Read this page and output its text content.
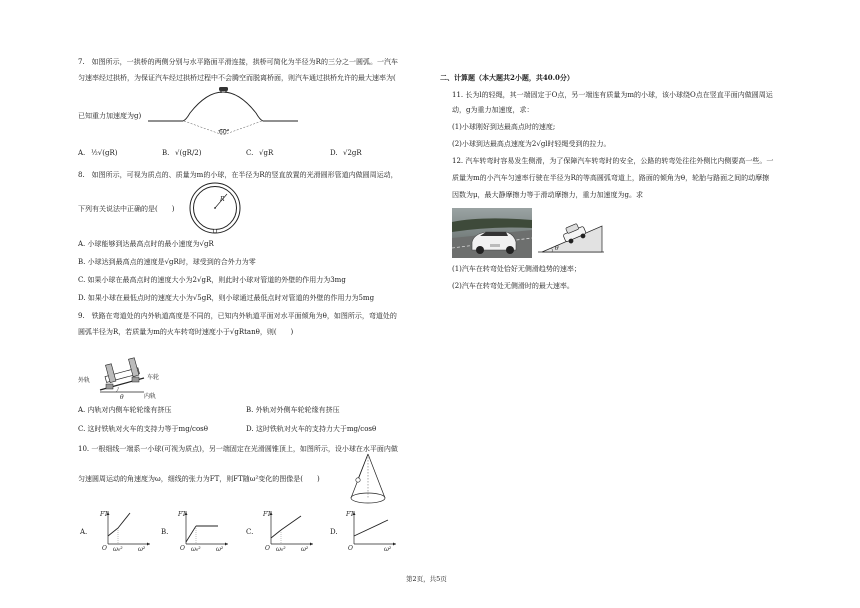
7.　如图所示，一拱桥的两侧分别与水平路面平滑连接，拱桥可简化为半径为R的三分之一圆弧。一汽车
匀速率经过拱桥，为保证汽车经过拱桥过程中不会腾空而脱离桥面，则汽车通过拱桥允许的最大速率为(
60°
已知重力加速度为g)
A. ½√(gR)	B. √(gR/2)	C. √gR	D. √2gR
8.　如图所示，可视为质点的、质量为m的小球，在半径为R的竖直放置的光滑圆形管道内做圆周运动，
R
下列有关说法中正确的是(　　)
A. 小球能够到达最高点时的最小速度为√gR
B. 小球达到最高点的速度是√gR时，球受到的合外力为零
C. 如果小球在最高点时的速度大小为2√gR，则此时小球对管道的外壁的作用力为3mg
D. 如果小球在最低点时的速度大小为√5gR，则小球通过最低点时对管道的外壁的作用力为5mg
9.　铁路在弯道处的内外轨道高度是不同的，已知内外轨道平面对水平面倾角为θ，如图所示，弯道处的
圆弧半径为R，若质量为m的火车转弯时速度小于√gRtanθ，则(　　)
θ
外轨	车轮
内轨
A. 内轨对内侧车轮轮缘有挤压	B. 外轨对外侧车轮轮缘有挤压
C. 这时铁轨对火车的支持力等于mg/cosθ	D. 这时铁轨对火车的支持力大于mg/cosθ
10. 一根细线一端系一小球(可视为质点)，另一端固定在光滑圆锥顶上，如图所示，设小球在水平面内做
匀速圆周运动的角速度为ω，细线的张力为FT，则FT随ω²变化的图像是(　　)
A.
FT
O ω₀²	ω²
B.
FT
O ω₀²	ω²
C.
FT
O ω₀²	ω²
D.
FT
O	ω²
二、计算题（本大题共2小题，共40.0分）
11. 长为l的轻绳，其一端固定于O点，另一端连有质量为m的小球，该小球绕O点在竖直平面内做圆周运
动，g为重力加速度，求：
(1)小球刚好到达最高点时的速度;
(2)小球到达最高点速度为2√gl时轻绳受到的拉力。
12. 汽车转弯时容易发生侧滑，为了保障汽车转弯时的安全，公路的转弯处往往外侧比内侧要高一些。一
质量为m的小汽车匀速率行驶在半径为R的等高圆弧弯道上，路面的倾角为θ，轮胎与路面之间的动摩擦
因数为μ，最大静摩擦力等于滑动摩擦力，重力加速度为g。求
θ
(1)汽车在转弯处恰好无侧滑趋势的速率；
(2)汽车在转弯处无侧滑时的最大速率。
第2页，共5页
